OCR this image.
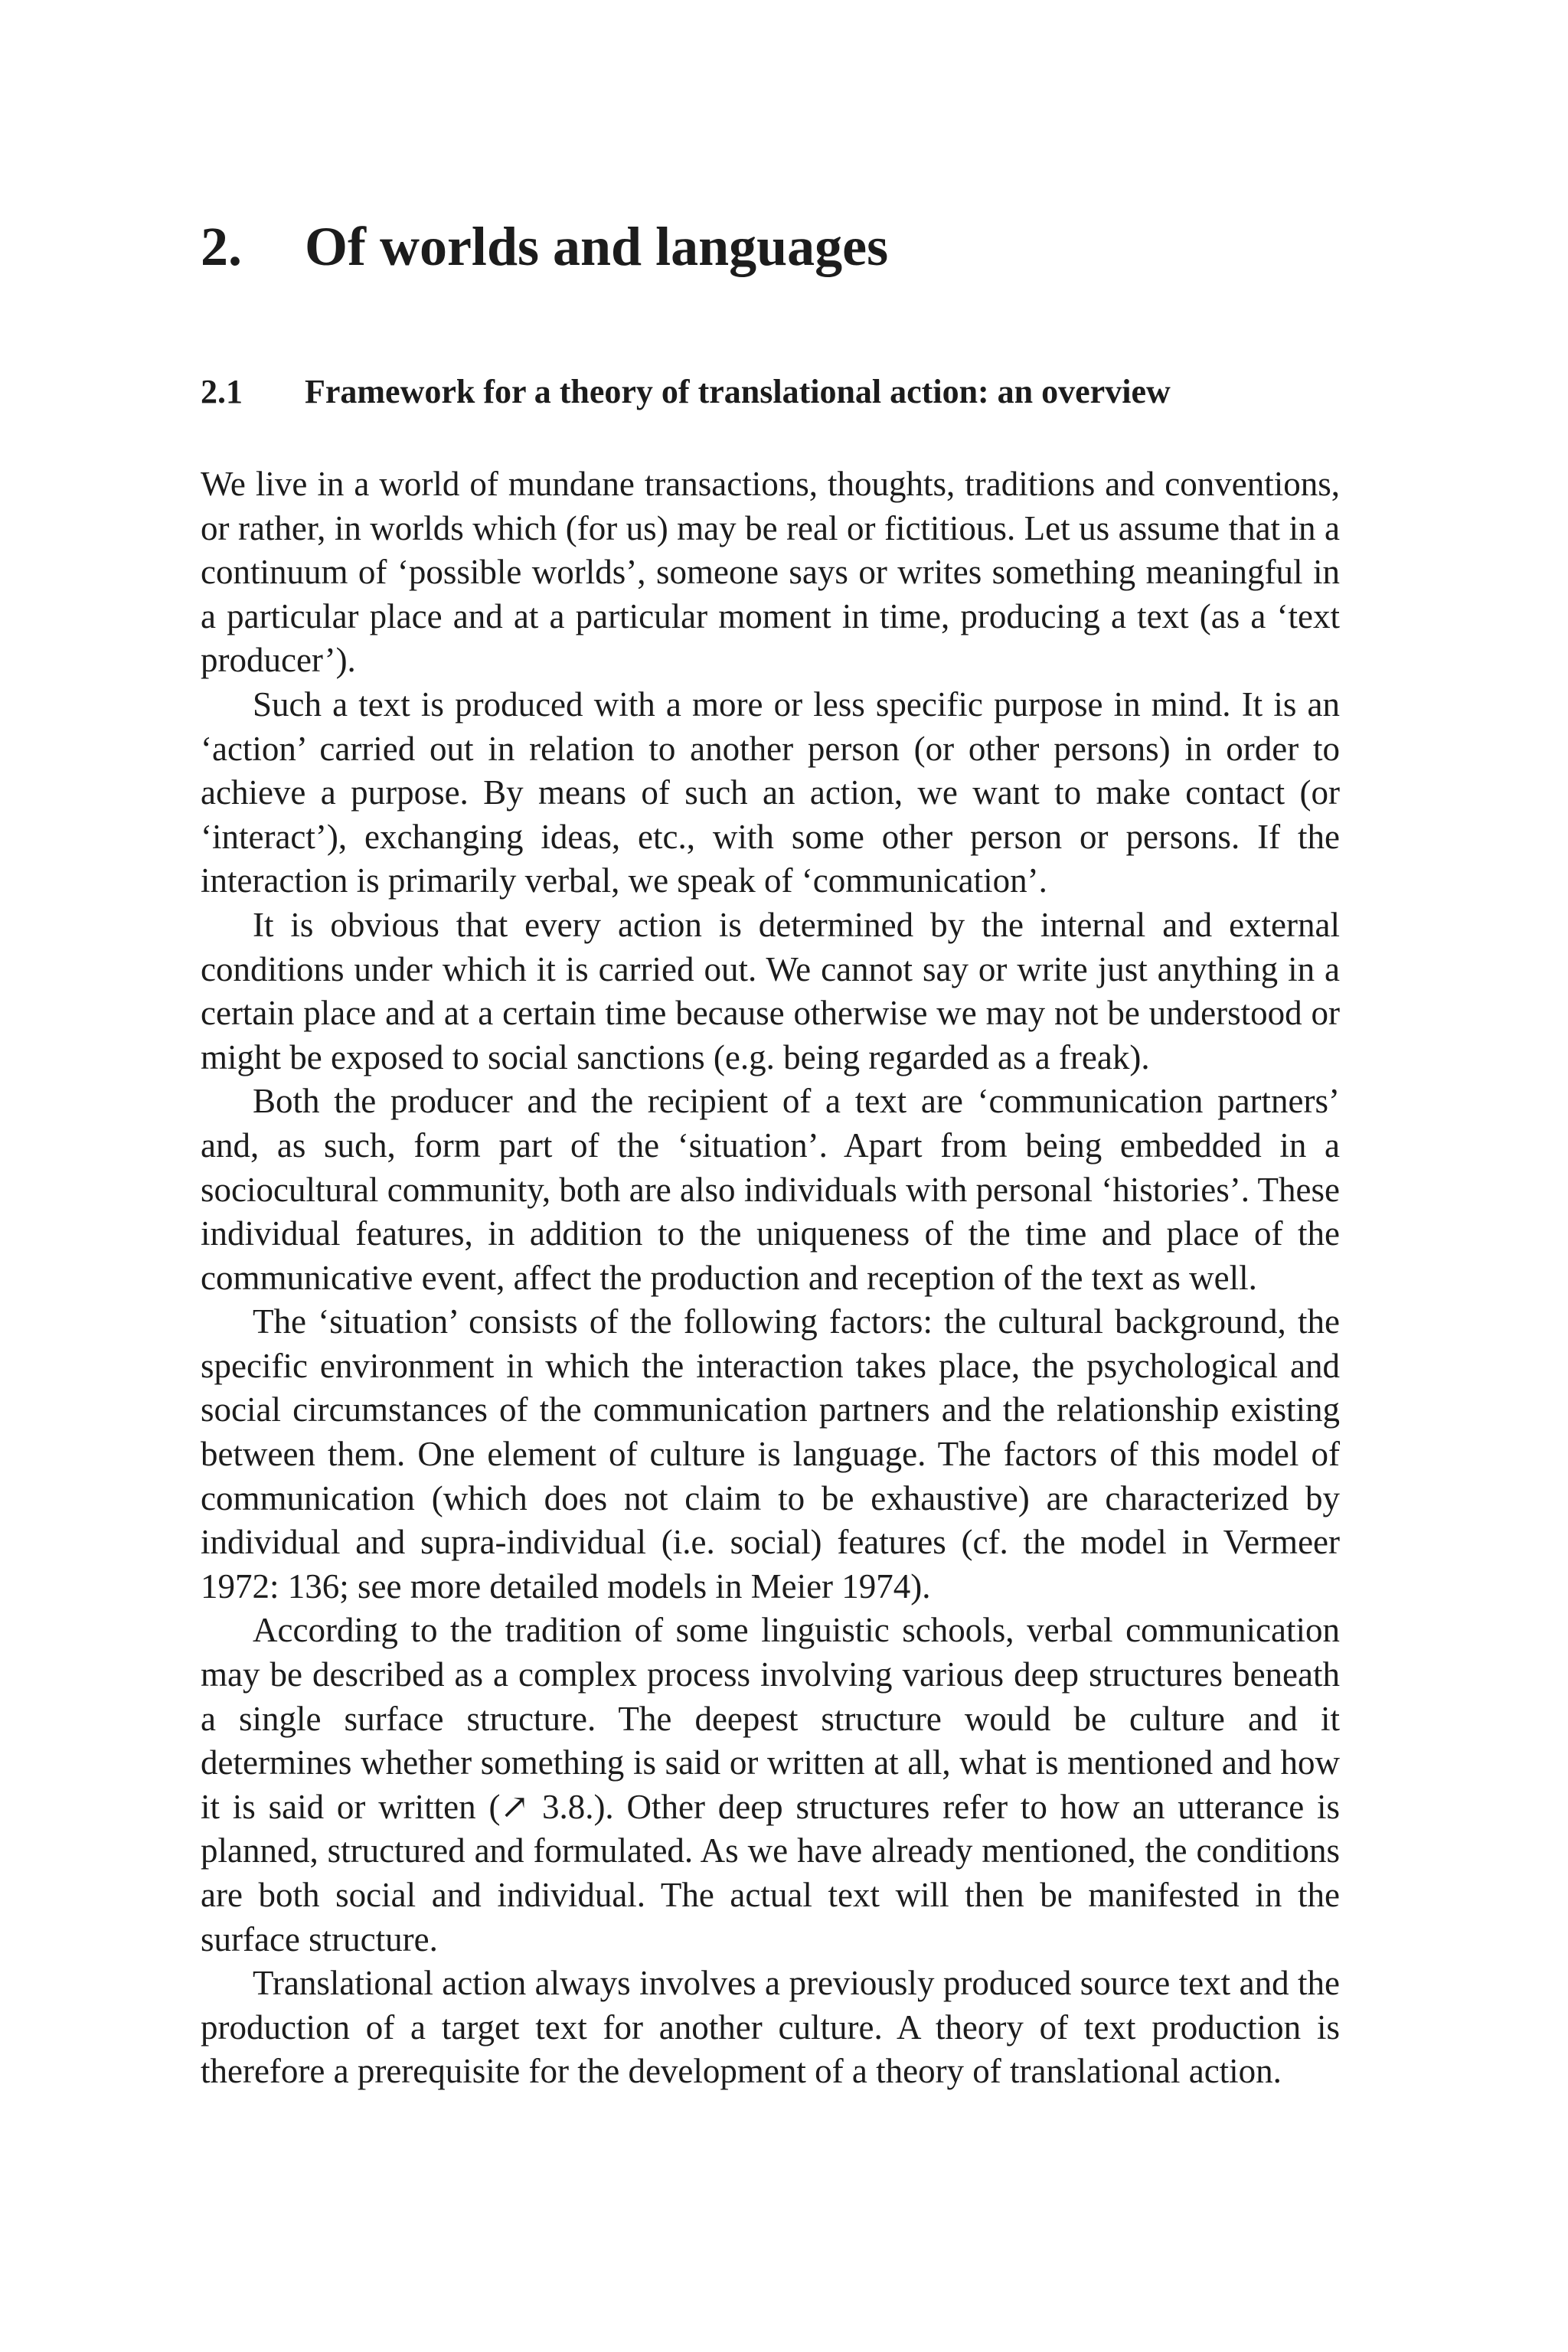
2. Of worlds and languages
2.1 Framework for a theory of translational action: an overview

We live in a world of mundane transactions, thoughts, traditions and conventions, or rather, in worlds which (for us) may be real or fictitious. Let us assume that in a continuum of ‘possible worlds’, someone says or writes something meaningful in a particular place and at a particular moment in time, producing a text (as a ‘text producer’).

Such a text is produced with a more or less specific purpose in mind. It is an ‘action’ carried out in relation to another person (or other persons) in order to achieve a purpose. By means of such an action, we want to make contact (or ‘interact’), exchanging ideas, etc., with some other person or persons. If the interaction is primarily verbal, we speak of ‘communication’.

It is obvious that every action is determined by the internal and external conditions under which it is carried out. We cannot say or write just anything in a certain place and at a certain time because otherwise we may not be understood or might be exposed to social sanctions (e.g. being regarded as a freak).

Both the producer and the recipient of a text are ‘communication partners’ and, as such, form part of the ‘situation’. Apart from being embedded in a sociocultural community, both are also individuals with personal ‘histories’. These individual features, in addition to the uniqueness of the time and place of the communicative event, affect the production and reception of the text as well.

The ‘situation’ consists of the following factors: the cultural background, the specific environment in which the interaction takes place, the psychological and social circumstances of the communication partners and the relationship existing between them. One element of culture is language. The factors of this model of communication (which does not claim to be exhaustive) are characterized by individual and supra-individual (i.e. social) features (cf. the model in Vermeer 1972: 136; see more detailed models in Meier 1974).

According to the tradition of some linguistic schools, verbal communication may be described as a complex process involving various deep structures beneath a single surface structure. The deepest structure would be culture and it determines whether something is said or written at all, what is mentioned and how it is said or written (↗ 3.8.). Other deep structures refer to how an utterance is planned, structured and formulated. As we have already mentioned, the conditions are both social and individual. The actual text will then be manifested in the surface structure.

Translational action always involves a previously produced source text and the production of a target text for another culture. A theory of text production is therefore a prerequisite for the development of a theory of translational action.
